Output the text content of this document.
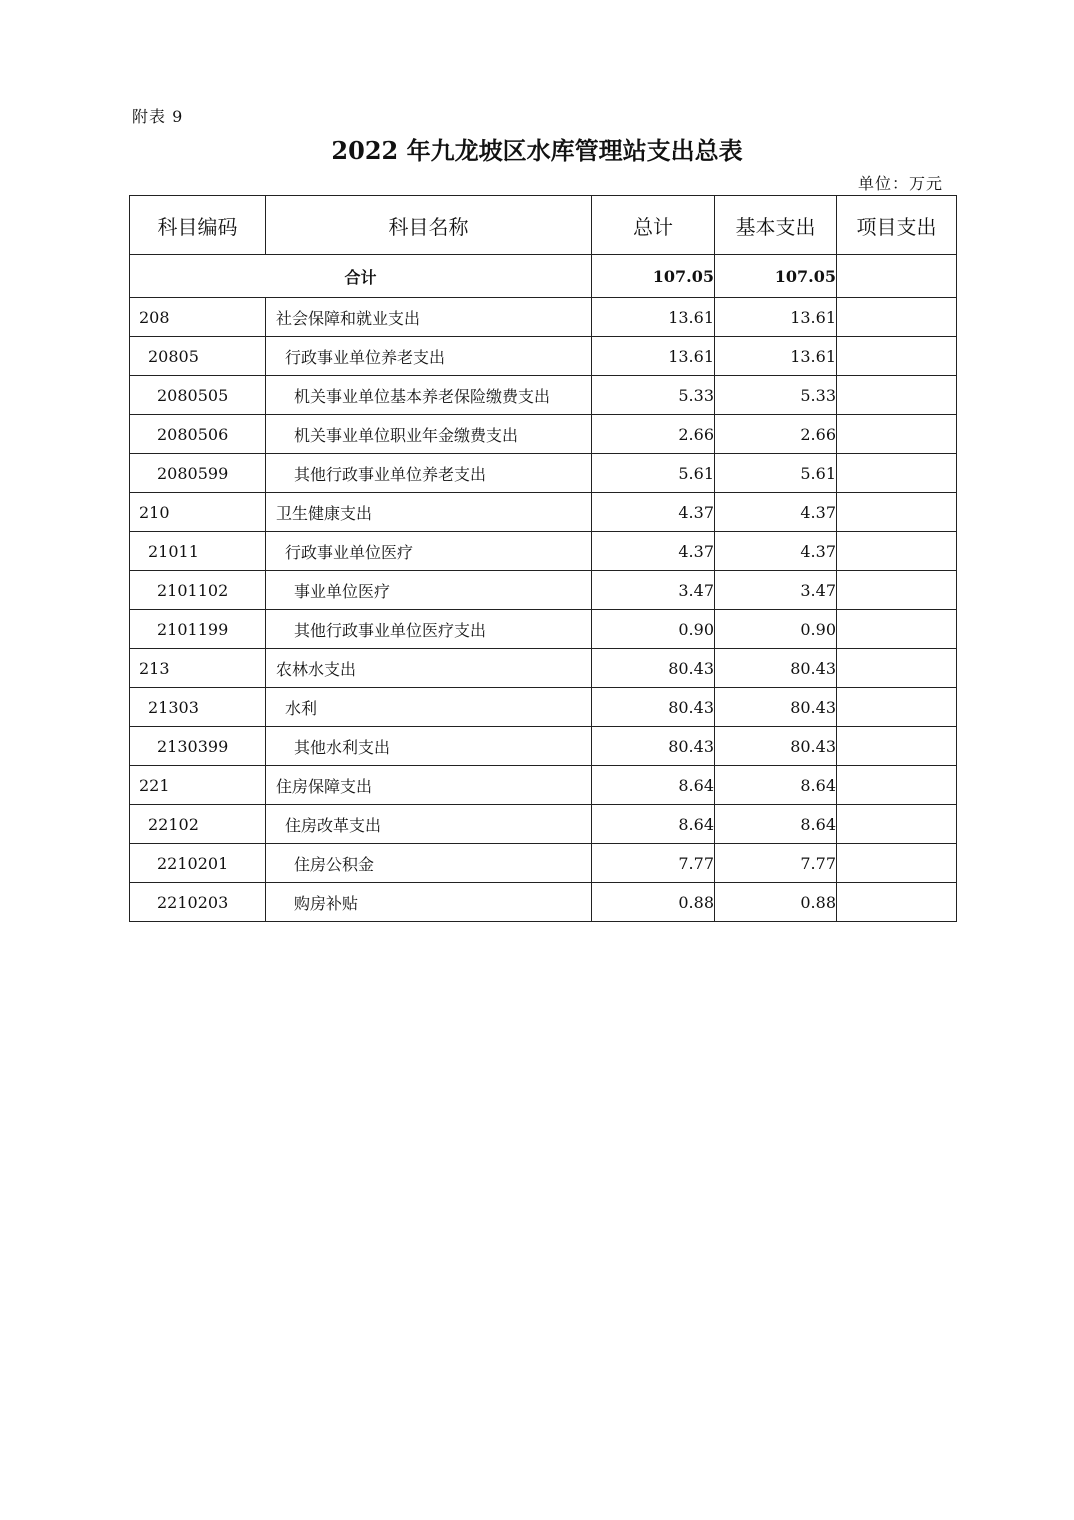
附表 9
2022 年九龙坡区水库管理站支出总表
单位：万元
科目编码	科目名称	总计	基本支出	项目支出
合计		107.05	107.05	
208	社会保障和就业支出	13.61	13.61	
20805	行政事业单位养老支出	13.61	13.61	
2080505	机关事业单位基本养老保险缴费支出	5.33	5.33	
2080506	机关事业单位职业年金缴费支出	2.66	2.66	
2080599	其他行政事业单位养老支出	5.61	5.61	
210	卫生健康支出	4.37	4.37	
21011	行政事业单位医疗	4.37	4.37	
2101102	事业单位医疗	3.47	3.47	
2101199	其他行政事业单位医疗支出	0.90	0.90	
213	农林水支出	80.43	80.43	
21303	水利	80.43	80.43	
2130399	其他水利支出	80.43	80.43	
221	住房保障支出	8.64	8.64	
22102	住房改革支出	8.64	8.64	
2210201	住房公积金	7.77	7.77	
2210203	购房补贴	0.88	0.88	
